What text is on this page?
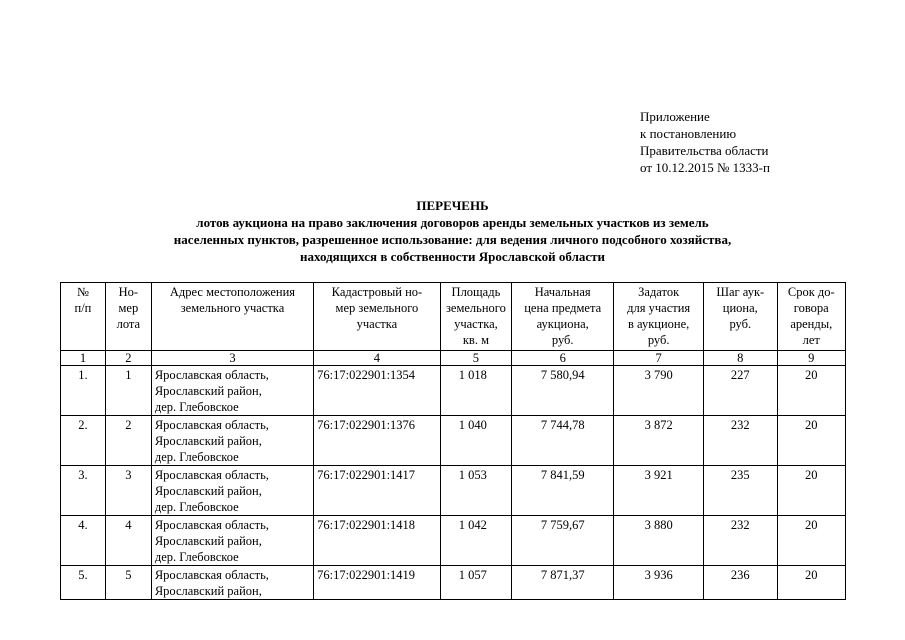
Приложение
к постановлению
Правительства области
от 10.12.2015 № 1333-п
ПЕРЕЧЕНЬ
лотов аукциона на право заключения договоров аренды земельных участков из земель
населенных пунктов, разрешенное использование: для ведения личного подсобного хозяйства,
находящихся в собственности Ярославской области
№
п/п	Но-
мер
лота	Адрес местоположения
земельного участка	Кадастровый но-
мер земельного
участка	Площадь
земельного
участка,
кв. м	Начальная
цена предмета
аукциона,
руб.	Задаток
для участия
в аукционе,
руб.	Шаг аук-
циона,
руб.	Срок до-
говора
аренды,
лет
1	2	3	4	5	6	7	8	9
1.	1	Ярославская область,
Ярославский район,
дер. Глебовское	76:17:022901:1354	1 018	7 580,94	3 790	227	20
2.	2	Ярославская область,
Ярославский район,
дер. Глебовское	76:17:022901:1376	1 040	7 744,78	3 872	232	20
3.	3	Ярославская область,
Ярославский район,
дер. Глебовское	76:17:022901:1417	1 053	7 841,59	3 921	235	20
4.	4	Ярославская область,
Ярославский район,
дер. Глебовское	76:17:022901:1418	1 042	7 759,67	3 880	232	20
5.	5	Ярославская область,
Ярославский район,	76:17:022901:1419	1 057	7 871,37	3 936	236	20
